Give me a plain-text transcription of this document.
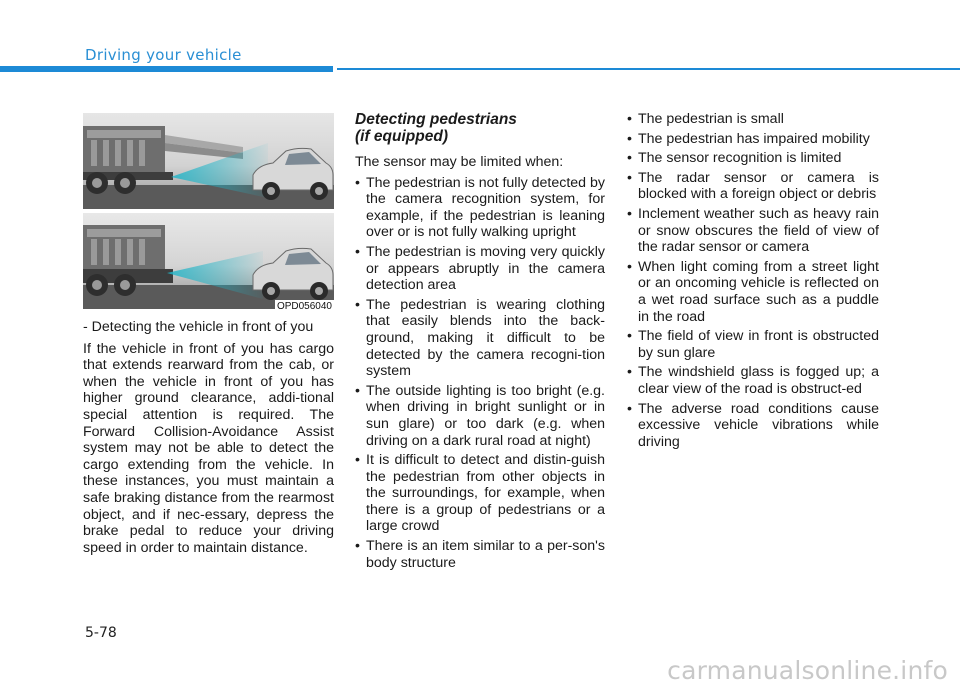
Driving your vehicle
OPD056040
- Detecting the vehicle in front of you

If the vehicle in front of you has cargo that extends rearward from the cab, or when the vehicle in front of you has higher ground clearance, addi-tional special attention is required. The Forward Collision-Avoidance Assist system may not be able to detect the cargo extending from the vehicle. In these instances, you must maintain a safe braking distance from the rearmost object, and if nec-essary, depress the brake pedal to reduce your driving speed in order to maintain distance.

Detecting pedestrians
(if equipped)

The sensor may be limited when:

• The pedestrian is not fully detected by the camera recognition system, for example, if the pedestrian is leaning over or is not fully walking upright
• The pedestrian is moving very quickly or appears abruptly in the camera detection area
• The pedestrian is wearing clothing that easily blends into the back-ground, making it difficult to be detected by the camera recogni-tion system
• The outside lighting is too bright (e.g. when driving in bright sunlight or in sun glare) or too dark (e.g. when driving on a dark rural road at night)
• It is difficult to detect and distin-guish the pedestrian from other objects in the surroundings, for example, when there is a group of pedestrians or a large crowd
• There is an item similar to a per-son's body structure
• The pedestrian is small
• The pedestrian has impaired mobility
• The sensor recognition is limited
• The radar sensor or camera is blocked with a foreign object or debris
• Inclement weather such as heavy rain or snow obscures the field of view of the radar sensor or camera
• When light coming from a street light or an oncoming vehicle is reflected on a wet road surface such as a puddle in the road
• The field of view in front is obstructed by sun glare
• The windshield glass is fogged up; a clear view of the road is obstruct-ed
• The adverse road conditions cause excessive vehicle vibrations while driving
5-78
carmanualsonline.info
